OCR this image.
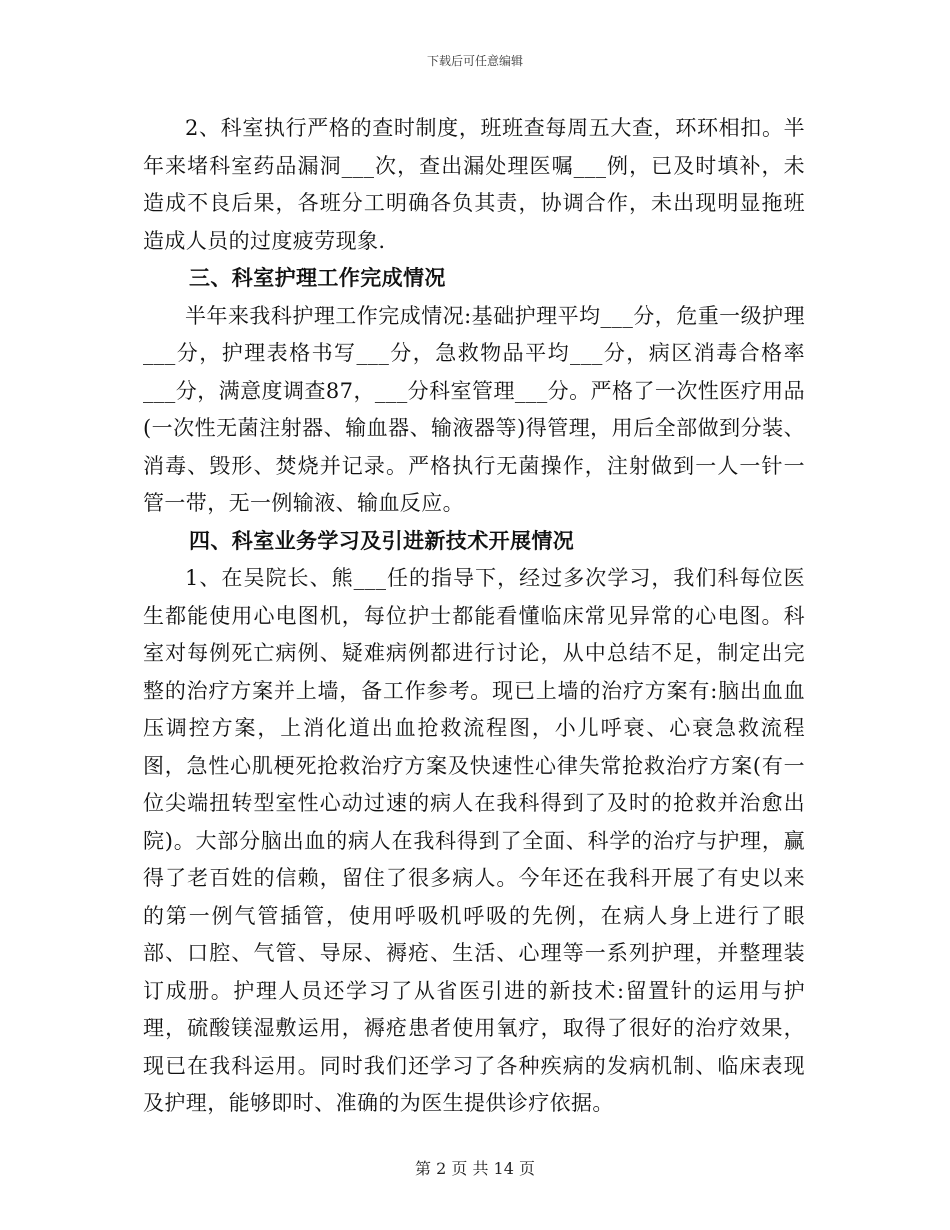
下载后可任意编辑

2、科室执行严格的查时制度，班班查每周五大查，环环相扣。半年来堵科室药品漏洞___次，查出漏处理医嘱___例，已及时填补，未造成不良后果，各班分工明确各负其责，协调合作，未出现明显拖班造成人员的过度疲劳现象.

三、科室护理工作完成情况

半年来我科护理工作完成情况:基础护理平均___分，危重一级护理___分，护理表格书写___分，急救物品平均___分，病区消毒合格率___分，满意度调查87，___分科室管理___分。严格了一次性医疗用品(一次性无菌注射器、输血器、输液器等)得管理，用后全部做到分装、消毒、毁形、焚烧并记录。严格执行无菌操作，注射做到一人一针一管一带，无一例输液、输血反应。

四、科室业务学习及引进新技术开展情况

1、在吴院长、熊___任的指导下，经过多次学习，我们科每位医生都能使用心电图机，每位护士都能看懂临床常见异常的心电图。科室对每例死亡病例、疑难病例都进行讨论，从中总结不足，制定出完整的治疗方案并上墙，备工作参考。现已上墙的治疗方案有:脑出血血压调控方案，上消化道出血抢救流程图，小儿呼衰、心衰急救流程图，急性心肌梗死抢救治疗方案及快速性心律失常抢救治疗方案(有一位尖端扭转型室性心动过速的病人在我科得到了及时的抢救并治愈出院)。大部分脑出血的病人在我科得到了全面、科学的治疗与护理，赢得了老百姓的信赖，留住了很多病人。今年还在我科开展了有史以来的第一例气管插管，使用呼吸机呼吸的先例，在病人身上进行了眼部、口腔、气管、导尿、褥疮、生活、心理等一系列护理，并整理装订成册。护理人员还学习了从省医引进的新技术:留置针的运用与护理，硫酸镁湿敷运用，褥疮患者使用氧疗，取得了很好的治疗效果，现已在我科运用。同时我们还学习了各种疾病的发病机制、临床表现及护理，能够即时、准确的为医生提供诊疗依据。

第 2 页 共 14 页
